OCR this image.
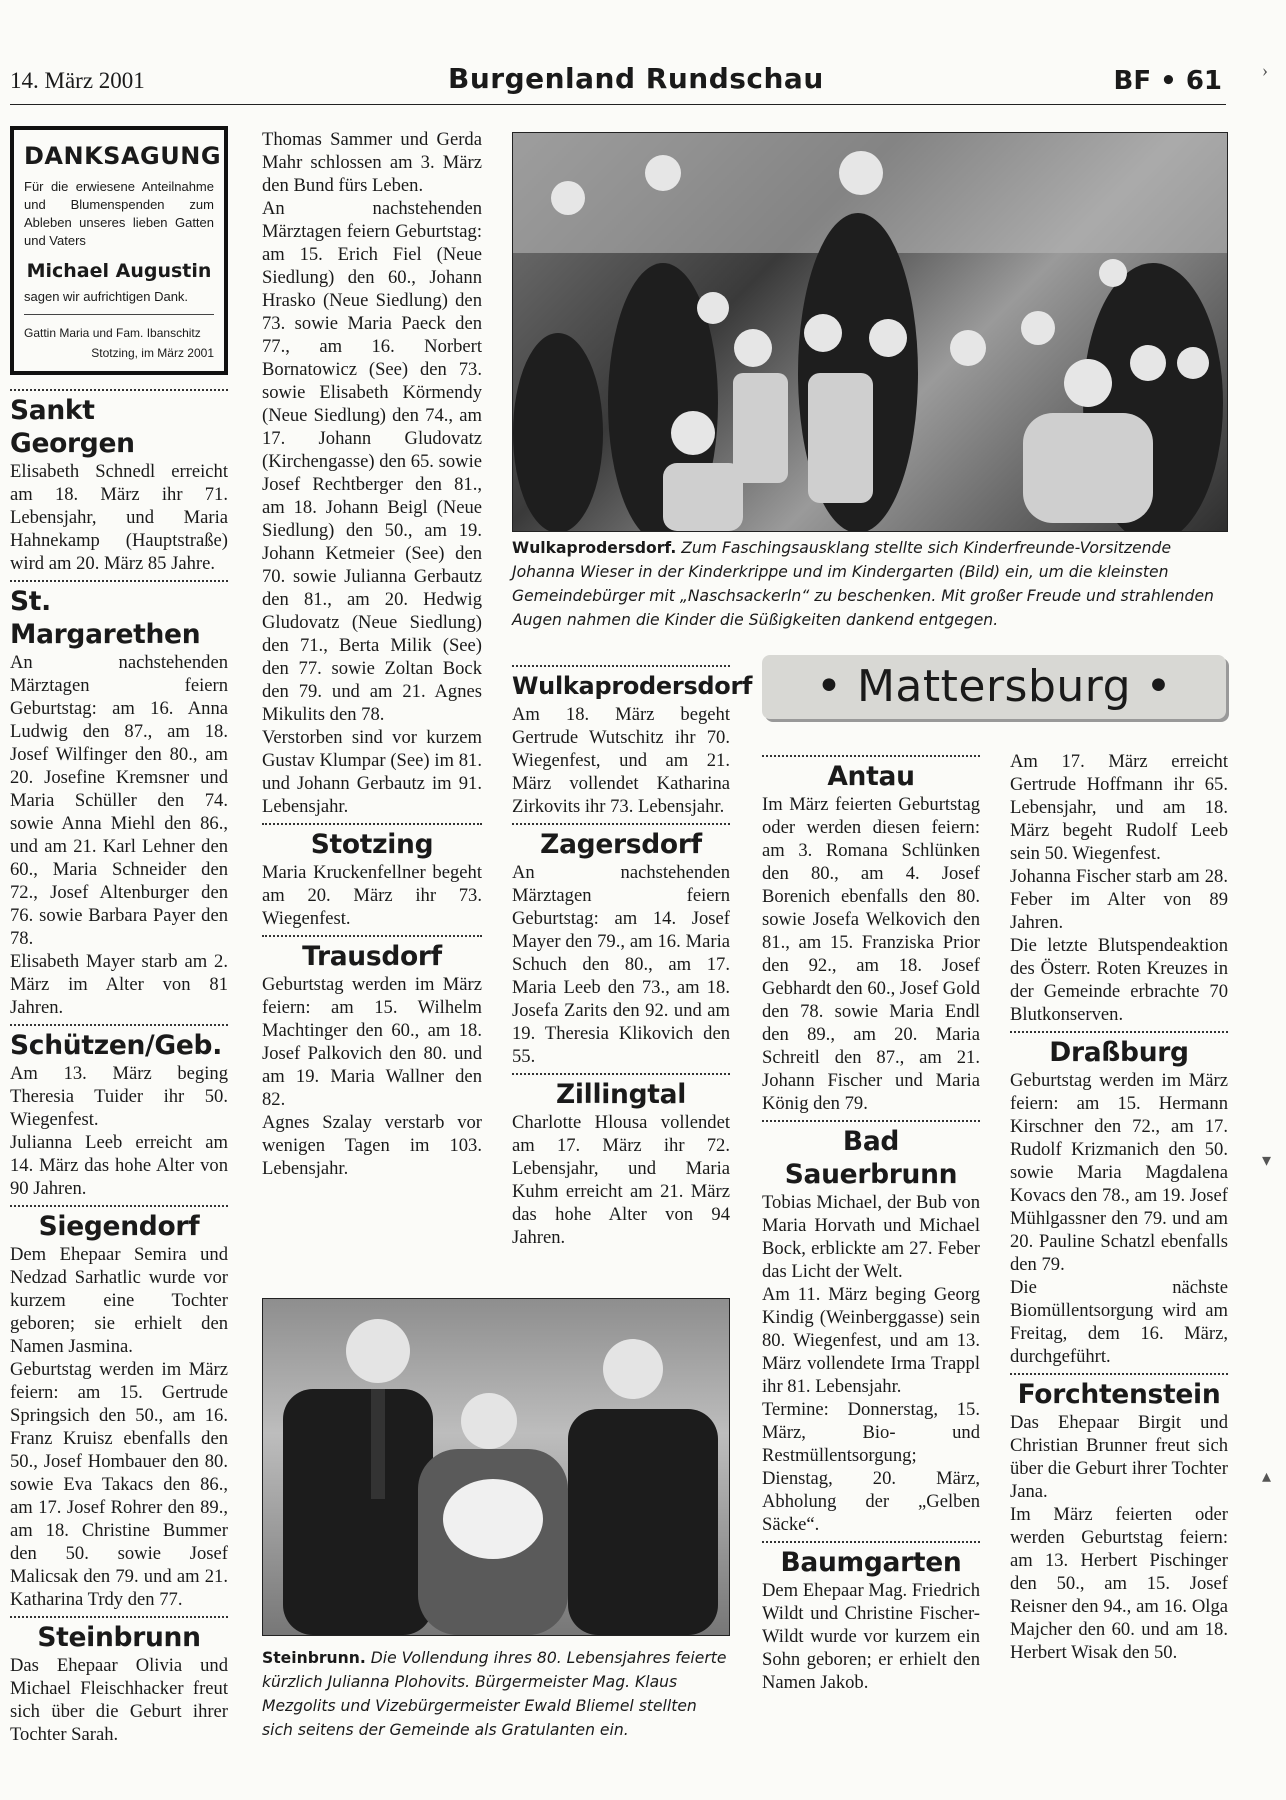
14. März 2001	Burgenland Rundschau	BF • 61
DANKSAGUNG

Für die erwiesene Anteilnahme und Blumenspenden zum Ableben unseres lieben Gatten und Vaters

Michael Augustin

sagen wir aufrichtigen Dank.

Gattin Maria und Fam. Ibanschitz

Stotzing, im März 2001

Sankt Georgen

Elisabeth Schnedl erreicht am 18. März ihr 71. Lebensjahr, und Maria Hahnekamp (Hauptstraße) wird am 20. März 85 Jahre.

St. Margarethen

An nachstehenden Märztagen feiern Geburtstag: am 16. Anna Ludwig den 87., am 18. Josef Wilfinger den 80., am 20. Josefine Kremsner und Maria Schüller den 74. sowie Anna Miehl den 86., und am 21. Karl Lehner den 60., Maria Schneider den 72., Josef Altenburger den 76. sowie Barbara Payer den 78.

Elisabeth Mayer starb am 2. März im Alter von 81 Jahren.

Schützen/Geb.

Am 13. März beging Theresia Tuider ihr 50. Wiegenfest.

Julianna Leeb erreicht am 14. März das hohe Alter von 90 Jahren.

Siegendorf

Dem Ehepaar Semira und Nedzad Sarhatlic wurde vor kurzem eine Tochter geboren; sie erhielt den Namen Jasmina.

Geburtstag werden im März feiern: am 15. Gertrude Springsich den 50., am 16. Franz Kruisz ebenfalls den 50., Josef Hombauer den 80. sowie Eva Takacs den 86., am 17. Josef Rohrer den 89., am 18. Christine Bummer den 50. sowie Josef Malicsak den 79. und am 21. Katharina Trdy den 77.

Steinbrunn

Das Ehepaar Olivia und Michael Fleischhacker freut sich über die Geburt ihrer Tochter Sarah.

Thomas Sammer und Gerda Mahr schlossen am 3. März den Bund fürs Leben.

An nachstehenden Märztagen feiern Geburtstag: am 15. Erich Fiel (Neue Siedlung) den 60., Johann Hrasko (Neue Siedlung) den 73. sowie Maria Paeck den 77., am 16. Norbert Bornatowicz (See) den 73. sowie Elisabeth Körmendy (Neue Siedlung) den 74., am 17. Johann Gludovatz (Kirchengasse) den 65. sowie Josef Rechtberger den 81., am 18. Johann Beigl (Neue Siedlung) den 50., am 19. Johann Ketmeier (See) den 70. sowie Julianna Gerbautz den 81., am 20. Hedwig Gludovatz (Neue Siedlung) den 71., Berta Milik (See) den 77. sowie Zoltan Bock den 79. und am 21. Agnes Mikulits den 78.

Verstorben sind vor kurzem Gustav Klumpar (See) im 81. und Johann Gerbautz im 91. Lebensjahr.

Stotzing

Maria Kruckenfellner begeht am 20. März ihr 73. Wiegenfest.

Trausdorf

Geburtstag werden im März feiern: am 15. Wilhelm Machtinger den 60., am 18. Josef Palkovich den 80. und am 19. Maria Wallner den 82.

Agnes Szalay verstarb vor wenigen Tagen im 103. Lebensjahr.

Wulkaprodersdorf. Zum Faschingsausklang stellte sich Kinderfreunde-Vorsitzende Johanna Wieser in der Kinderkrippe und im Kindergarten (Bild) ein, um die kleinsten Gemeindebürger mit „Naschsackerln“ zu beschenken. Mit großer Freude und strahlenden Augen nahmen die Kinder die Süßigkeiten dankend entgegen.
Wulkaprodersdorf

Am 18. März begeht Gertrude Wutschitz ihr 70. Wiegenfest, und am 21. März vollendet Katharina Zirkovits ihr 73. Lebensjahr.

Zagersdorf

An nachstehenden Märztagen feiern Geburtstag: am 14. Josef Mayer den 79., am 16. Maria Schuch den 80., am 17. Maria Leeb den 73., am 18. Josefa Zarits den 92. und am 19. Theresia Klikovich den 55.

Zillingtal

Charlotte Hlousa vollendet am 17. März ihr 72. Lebensjahr, und Maria Kuhm erreicht am 21. März das hohe Alter von 94 Jahren.

• Mattersburg •
Antau

Im März feierten Geburtstag oder werden diesen feiern: am 3. Romana Schlünken den 80., am 4. Josef Borenich ebenfalls den 80. sowie Josefa Welkovich den 81., am 15. Franziska Prior den 92., am 18. Josef Gebhardt den 60., Josef Gold den 78. sowie Maria Endl den 89., am 20. Maria Schreitl den 87., am 21. Johann Fischer und Maria König den 79.

Bad Sauerbrunn

Tobias Michael, der Bub von Maria Horvath und Michael Bock, erblickte am 27. Feber das Licht der Welt.

Am 11. März beging Georg Kindig (Weinberggasse) sein 80. Wiegenfest, und am 13. März vollendete Irma Trappl ihr 81. Lebensjahr.

Termine: Donnerstag, 15. März, Bio- und Restmüllentsorgung; Dienstag, 20. März, Abholung der „Gelben Säcke“.

Baumgarten

Dem Ehepaar Mag. Friedrich Wildt und Christine Fischer-Wildt wurde vor kurzem ein Sohn geboren; er erhielt den Namen Jakob.

Am 17. März erreicht Gertrude Hoffmann ihr 65. Lebensjahr, und am 18. März begeht Rudolf Leeb sein 50. Wiegenfest.

Johanna Fischer starb am 28. Feber im Alter von 89 Jahren.

Die letzte Blutspendeaktion des Österr. Roten Kreuzes in der Gemeinde erbrachte 70 Blutkonserven.

Draßburg

Geburtstag werden im März feiern: am 15. Hermann Kirschner den 72., am 17. Rudolf Krizmanich den 50. sowie Maria Magdalena Kovacs den 78., am 19. Josef Mühlgassner den 79. und am 20. Pauline Schatzl ebenfalls den 79.

Die nächste Biomüllentsorgung wird am Freitag, dem 16. März, durchgeführt.

Forchtenstein

Das Ehepaar Birgit und Christian Brunner freut sich über die Geburt ihrer Tochter Jana.

Im März feierten oder werden Geburtstag feiern: am 13. Herbert Pischinger den 50., am 15. Josef Reisner den 94., am 16. Olga Majcher den 60. und am 18. Herbert Wisak den 50.

Steinbrunn. Die Vollendung ihres 80. Lebensjahres feierte kürzlich Julianna Plohovits. Bürgermeister Mag. Klaus Mezgolits und Vizebürgermeister Ewald Bliemel stellten sich seitens der Gemeinde als Gratulanten ein.
›
▾
▴
